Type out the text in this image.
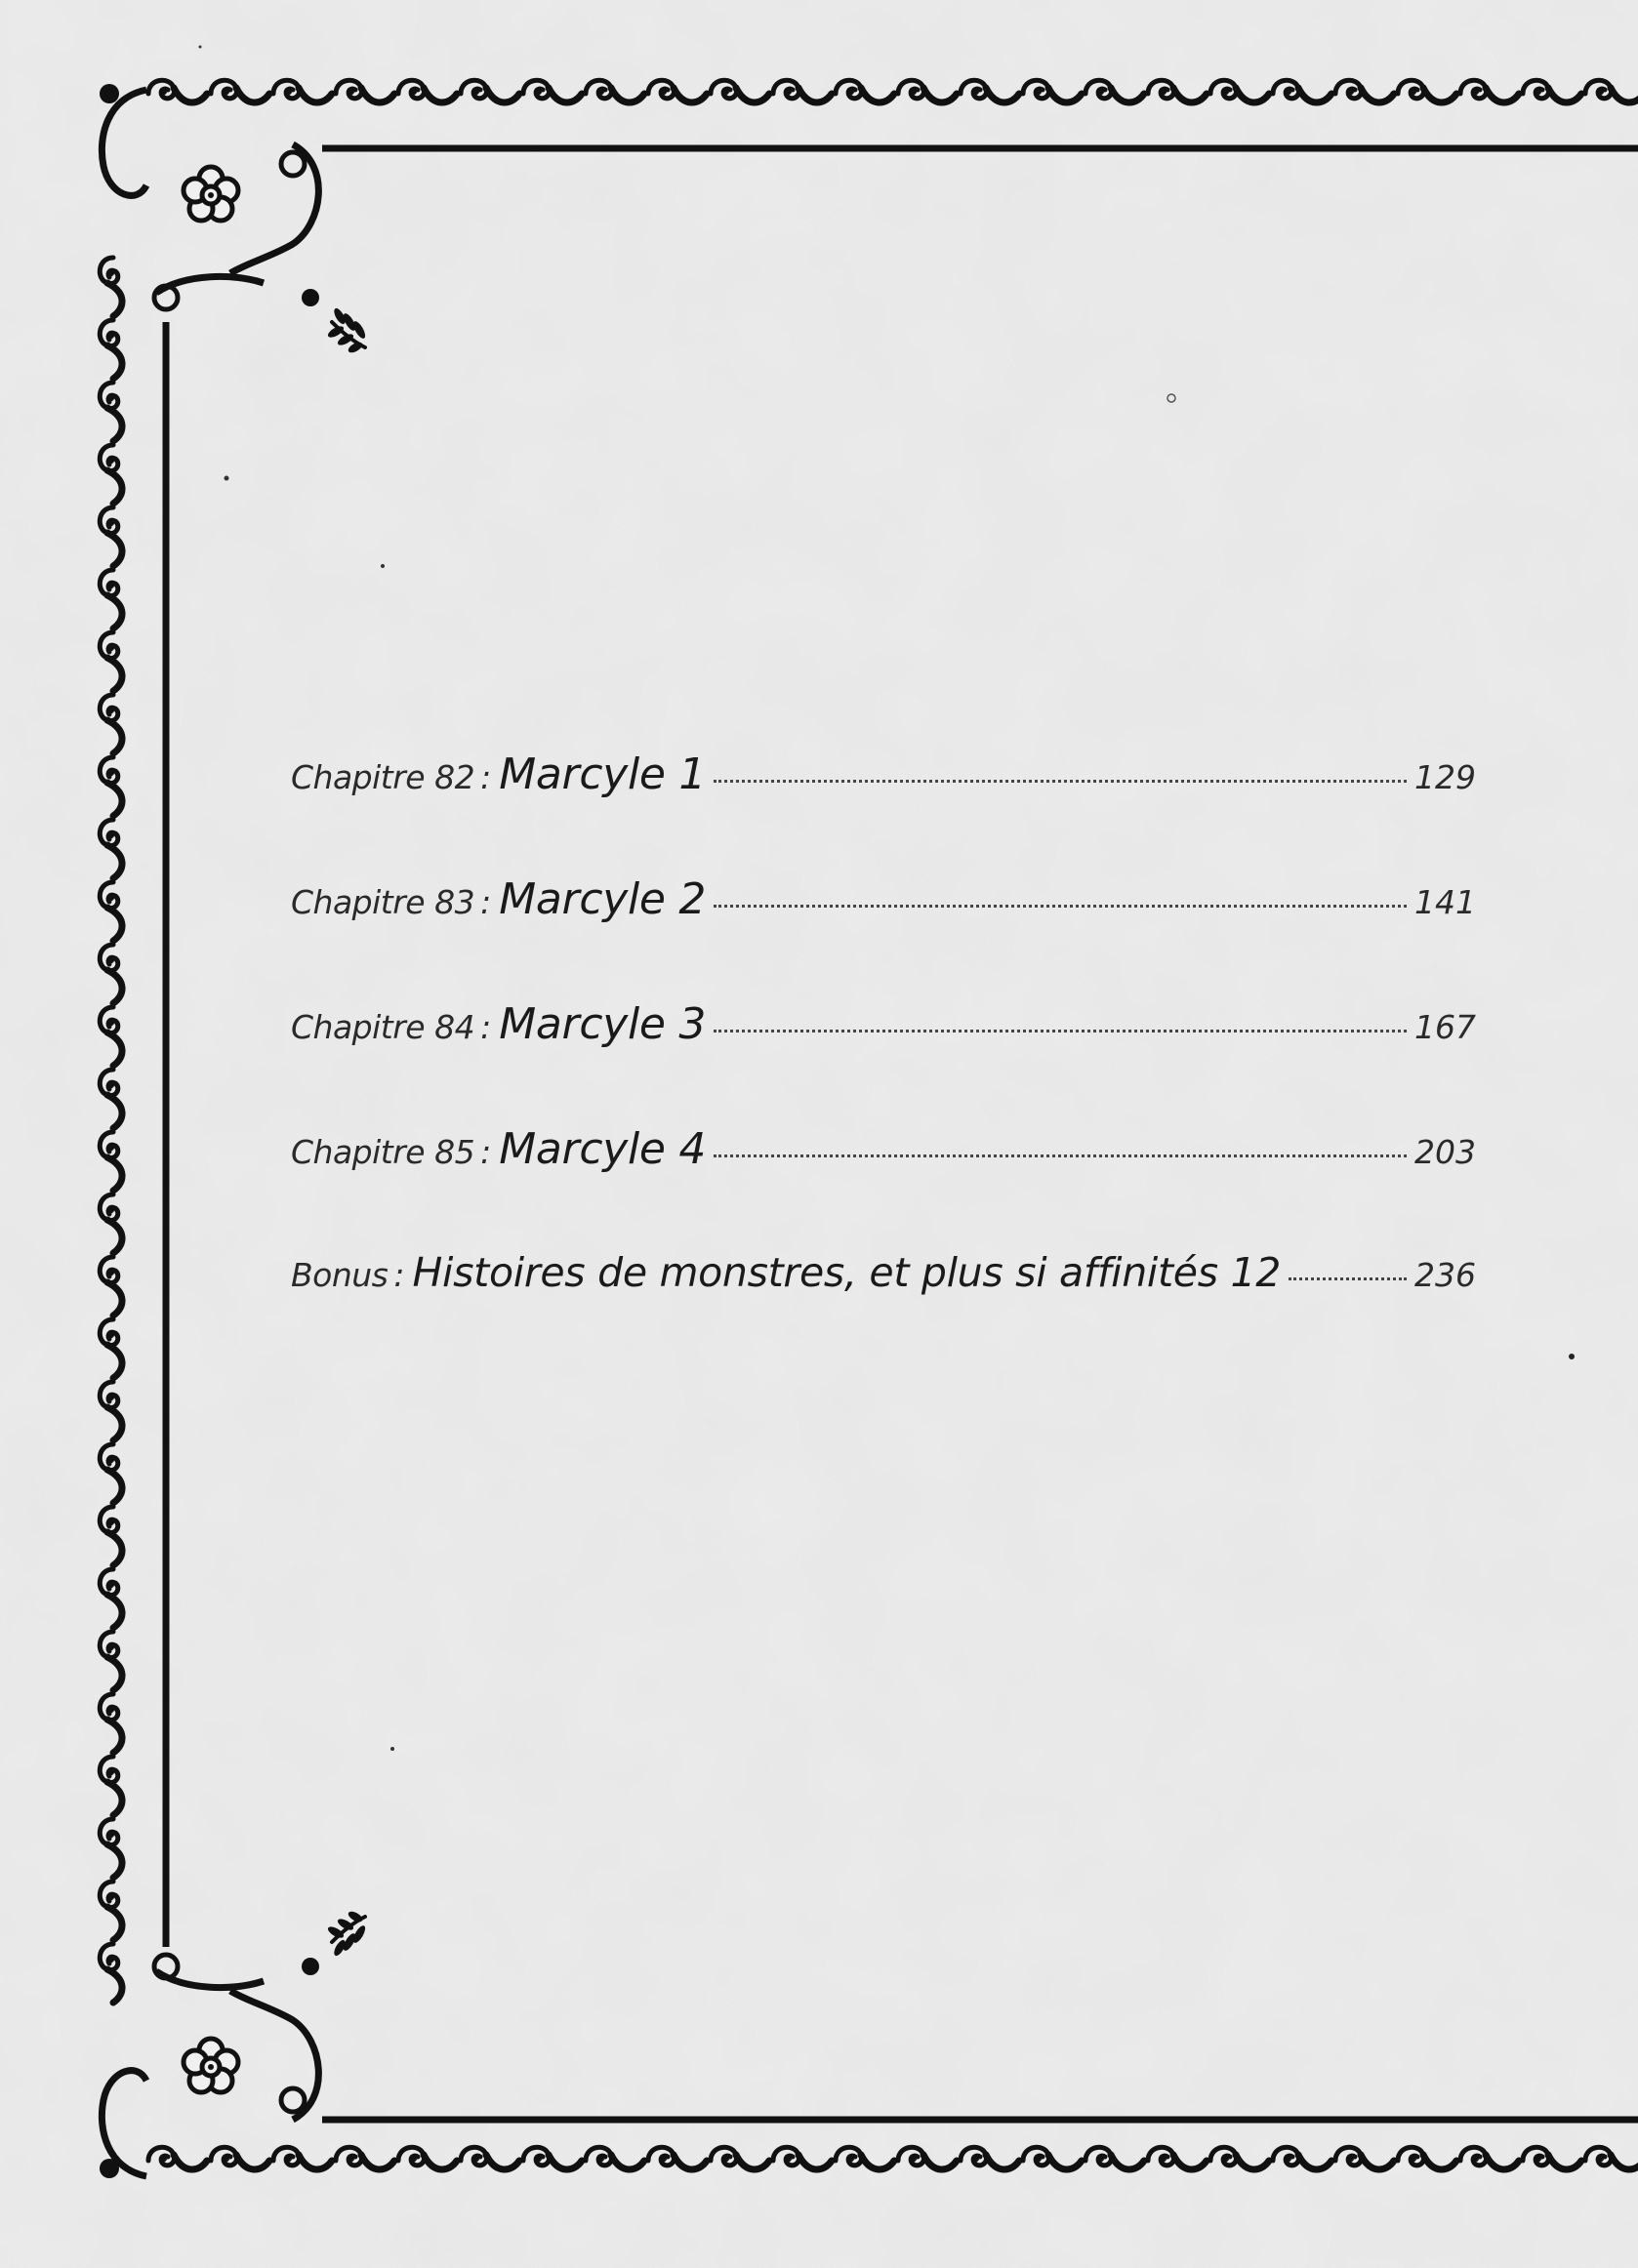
Chapitre 82 : Marcyle 1	129
Chapitre 83 : Marcyle 2	141
Chapitre 84 : Marcyle 3	167
Chapitre 85 : Marcyle 4	203
Bonus : Histoires de monstres, et plus si affinités 12	236
